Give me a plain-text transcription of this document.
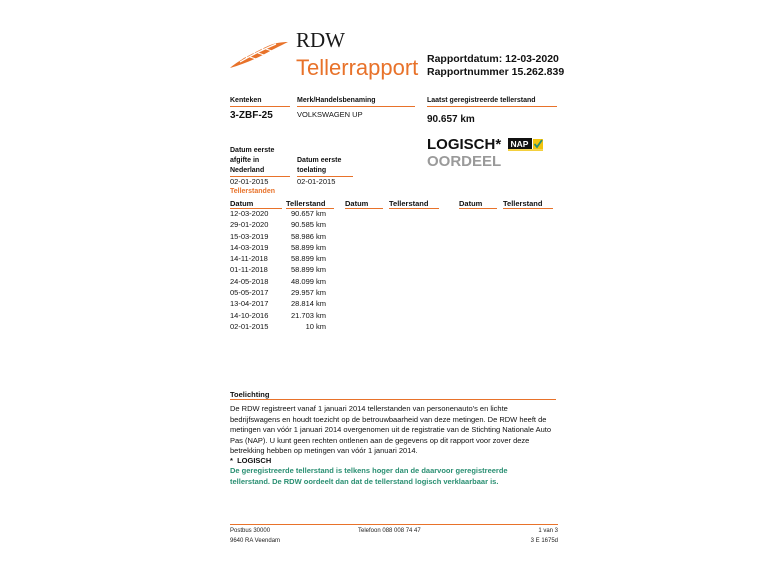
RDW
Tellerrapport Rapportdatum: 12-03-2020
Rapportnummer 15.262.839
Kenteken
3-ZBF-25
Merk/Handelsbenaming
VOLKSWAGEN UP
Laatst geregistreerde tellerstand
90.657 km
Datum eerste
afgifte in
Nederland
02-01-2015
Datum eerste
toelating
02-01-2015
LOGISCH* NAP
OORDEEL
Tellerstanden
Datum	Tellerstand	Datum	Tellerstand	Datum	Tellerstand
12-03-2020	90.657 km
29-01-2020	90.585 km
15-03-2019	58.986 km
14-03-2019	58.899 km
14-11-2018	58.899 km
01-11-2018	58.899 km
24-05-2018	48.099 km
05-05-2017	29.957 km
13-04-2017	28.814 km
14-10-2016	21.703 km
02-01-2015	10 km
Toelichting
De RDW registreert vanaf 1 januari 2014 tellerstanden van personenauto's en lichte
bedrijfswagens en houdt toezicht op de betrouwbaarheid van deze metingen. De RDW heeft de
metingen van vóór 1 januari 2014 overgenomen uit de registratie van de Stichting Nationale Auto
Pas (NAP). U kunt geen rechten ontlenen aan de gegevens op dit rapport voor zover deze
betrekking hebben op metingen van vóór 1 januari 2014.
*  LOGISCH
De geregistreerde tellerstand is telkens hoger dan de daarvoor geregistreerde
tellerstand. De RDW oordeelt dan dat de tellerstand logisch verklaarbaar is.
Postbus 30000
9640 RA Veendam
Telefoon 088 008 74 47	1 van 3
3 E 1675d
